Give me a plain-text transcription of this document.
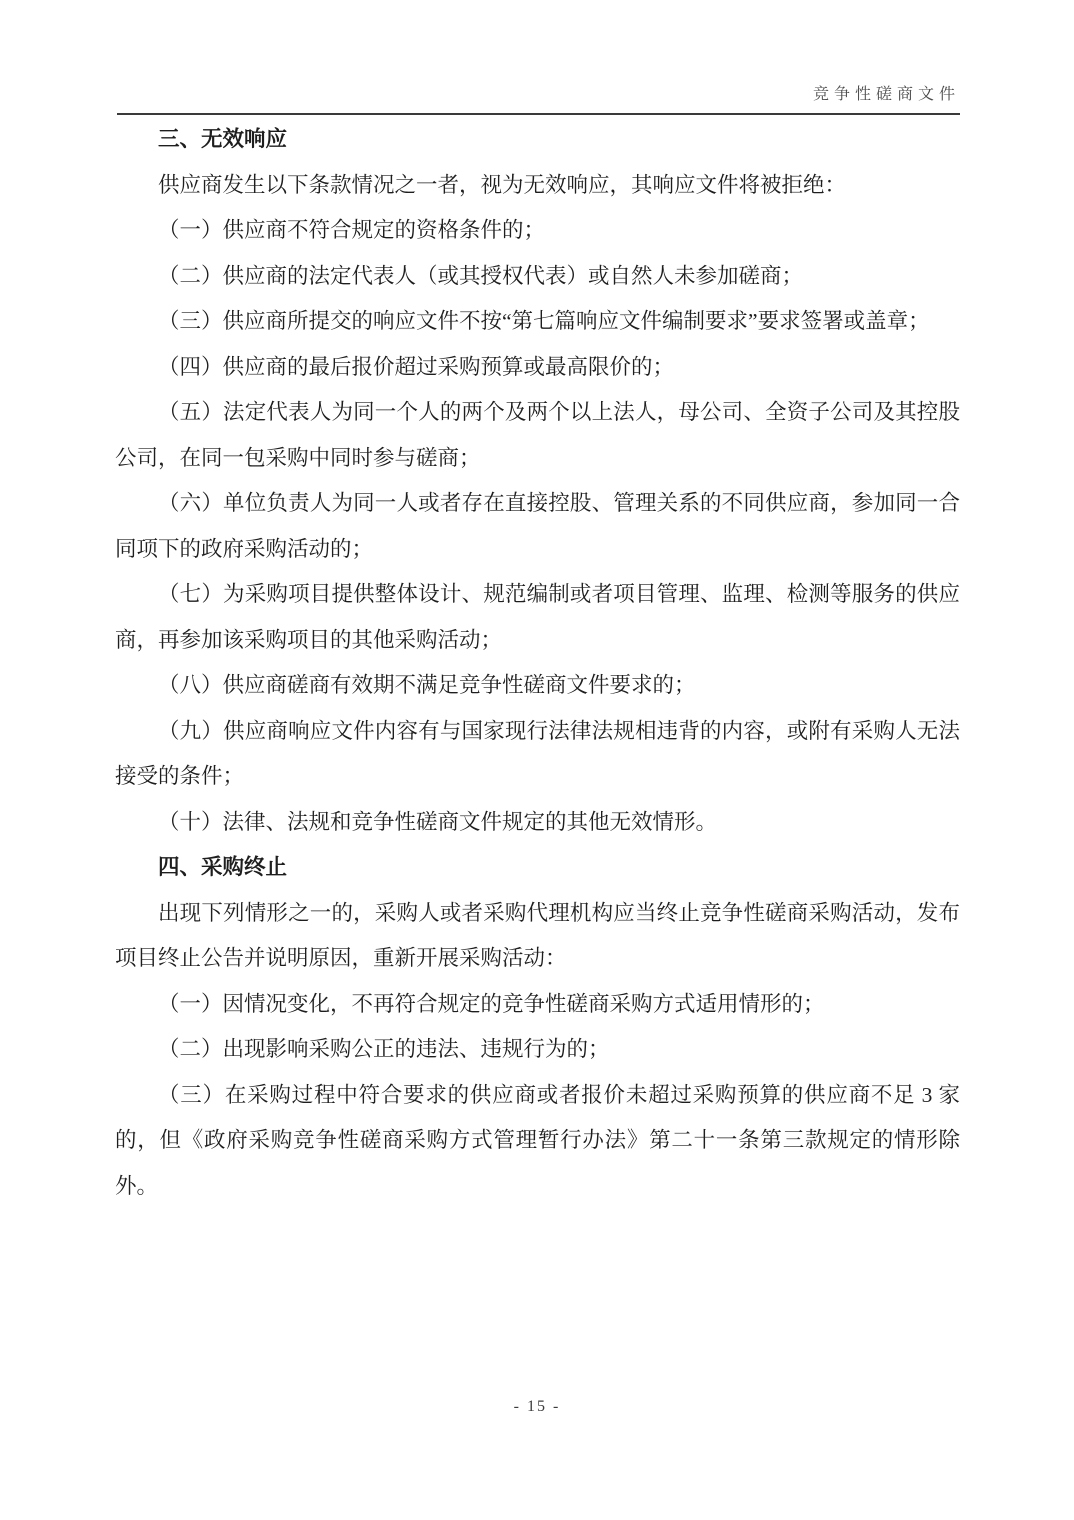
竞争性磋商文件
三、无效响应

供应商发生以下条款情况之一者，视为无效响应，其响应文件将被拒绝：

（一）供应商不符合规定的资格条件的；

（二）供应商的法定代表人（或其授权代表）或自然人未参加磋商；

（三）供应商所提交的响应文件不按“第七篇响应文件编制要求”要求签署或盖章；

（四）供应商的最后报价超过采购预算或最高限价的；

（五）法定代表人为同一个人的两个及两个以上法人，母公司、全资子公司及其控股公司，在同一包采购中同时参与磋商；

（六）单位负责人为同一人或者存在直接控股、管理关系的不同供应商，参加同一合同项下的政府采购活动的；

（七）为采购项目提供整体设计、规范编制或者项目管理、监理、检测等服务的供应商，再参加该采购项目的其他采购活动；

（八）供应商磋商有效期不满足竞争性磋商文件要求的；

（九）供应商响应文件内容有与国家现行法律法规相违背的内容，或附有采购人无法接受的条件；

（十）法律、法规和竞争性磋商文件规定的其他无效情形。

四、采购终止

出现下列情形之一的，采购人或者采购代理机构应当终止竞争性磋商采购活动，发布项目终止公告并说明原因，重新开展采购活动：

（一）因情况变化，不再符合规定的竞争性磋商采购方式适用情形的；

（二）出现影响采购公正的违法、违规行为的；

（三）在采购过程中符合要求的供应商或者报价未超过采购预算的供应商不足 3 家的，但《政府采购竞争性磋商采购方式管理暂行办法》第二十一条第三款规定的情形除外。

- 15 -
